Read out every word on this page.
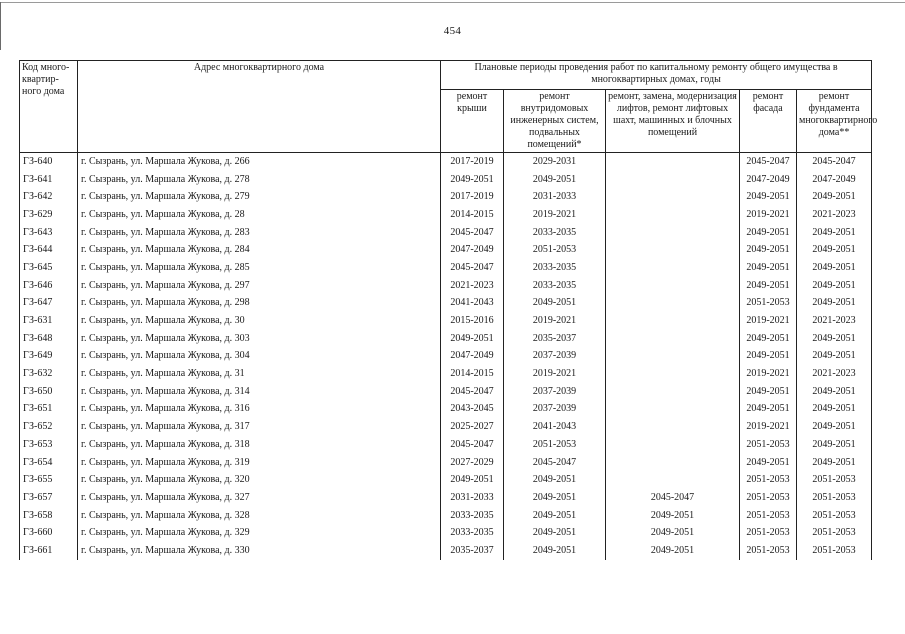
454
Код много-квартир-ного дома	Адрес многоквартирного дома	Плановые периоды проведения работ по капитальному ремонту общего имущества в многоквартирных домах, годы				
		ремонт крыши	ремонт внутридомовых инженерных систем, подвальных помещений*	ремонт, замена, модернизация лифтов, ремонт лифтовых шахт, машинных и блочных помещений	ремонт фасада	ремонт фундамента многоквартирного дома**
ГЗ-640	г. Сызрань, ул. Маршала Жукова, д. 266	2017-2019	2029-2031		2045-2047	2045-2047
ГЗ-641	г. Сызрань, ул. Маршала Жукова, д. 278	2049-2051	2049-2051		2047-2049	2047-2049
ГЗ-642	г. Сызрань, ул. Маршала Жукова, д. 279	2017-2019	2031-2033		2049-2051	2049-2051
ГЗ-629	г. Сызрань, ул. Маршала Жукова, д. 28	2014-2015	2019-2021		2019-2021	2021-2023
ГЗ-643	г. Сызрань, ул. Маршала Жукова, д. 283	2045-2047	2033-2035		2049-2051	2049-2051
ГЗ-644	г. Сызрань, ул. Маршала Жукова, д. 284	2047-2049	2051-2053		2049-2051	2049-2051
ГЗ-645	г. Сызрань, ул. Маршала Жукова, д. 285	2045-2047	2033-2035		2049-2051	2049-2051
ГЗ-646	г. Сызрань, ул. Маршала Жукова, д. 297	2021-2023	2033-2035		2049-2051	2049-2051
ГЗ-647	г. Сызрань, ул. Маршала Жукова, д. 298	2041-2043	2049-2051		2051-2053	2049-2051
ГЗ-631	г. Сызрань, ул. Маршала Жукова, д. 30	2015-2016	2019-2021		2019-2021	2021-2023
ГЗ-648	г. Сызрань, ул. Маршала Жукова, д. 303	2049-2051	2035-2037		2049-2051	2049-2051
ГЗ-649	г. Сызрань, ул. Маршала Жукова, д. 304	2047-2049	2037-2039		2049-2051	2049-2051
ГЗ-632	г. Сызрань, ул. Маршала Жукова, д. 31	2014-2015	2019-2021		2019-2021	2021-2023
ГЗ-650	г. Сызрань, ул. Маршала Жукова, д. 314	2045-2047	2037-2039		2049-2051	2049-2051
ГЗ-651	г. Сызрань, ул. Маршала Жукова, д. 316	2043-2045	2037-2039		2049-2051	2049-2051
ГЗ-652	г. Сызрань, ул. Маршала Жукова, д. 317	2025-2027	2041-2043		2019-2021	2049-2051
ГЗ-653	г. Сызрань, ул. Маршала Жукова, д. 318	2045-2047	2051-2053		2051-2053	2049-2051
ГЗ-654	г. Сызрань, ул. Маршала Жукова, д. 319	2027-2029	2045-2047		2049-2051	2049-2051
ГЗ-655	г. Сызрань, ул. Маршала Жукова, д. 320	2049-2051	2049-2051		2051-2053	2051-2053
ГЗ-657	г. Сызрань, ул. Маршала Жукова, д. 327	2031-2033	2049-2051	2045-2047	2051-2053	2051-2053
ГЗ-658	г. Сызрань, ул. Маршала Жукова, д. 328	2033-2035	2049-2051	2049-2051	2051-2053	2051-2053
ГЗ-660	г. Сызрань, ул. Маршала Жукова, д. 329	2033-2035	2049-2051	2049-2051	2051-2053	2051-2053
ГЗ-661	г. Сызрань, ул. Маршала Жукова, д. 330	2035-2037	2049-2051	2049-2051	2051-2053	2051-2053
